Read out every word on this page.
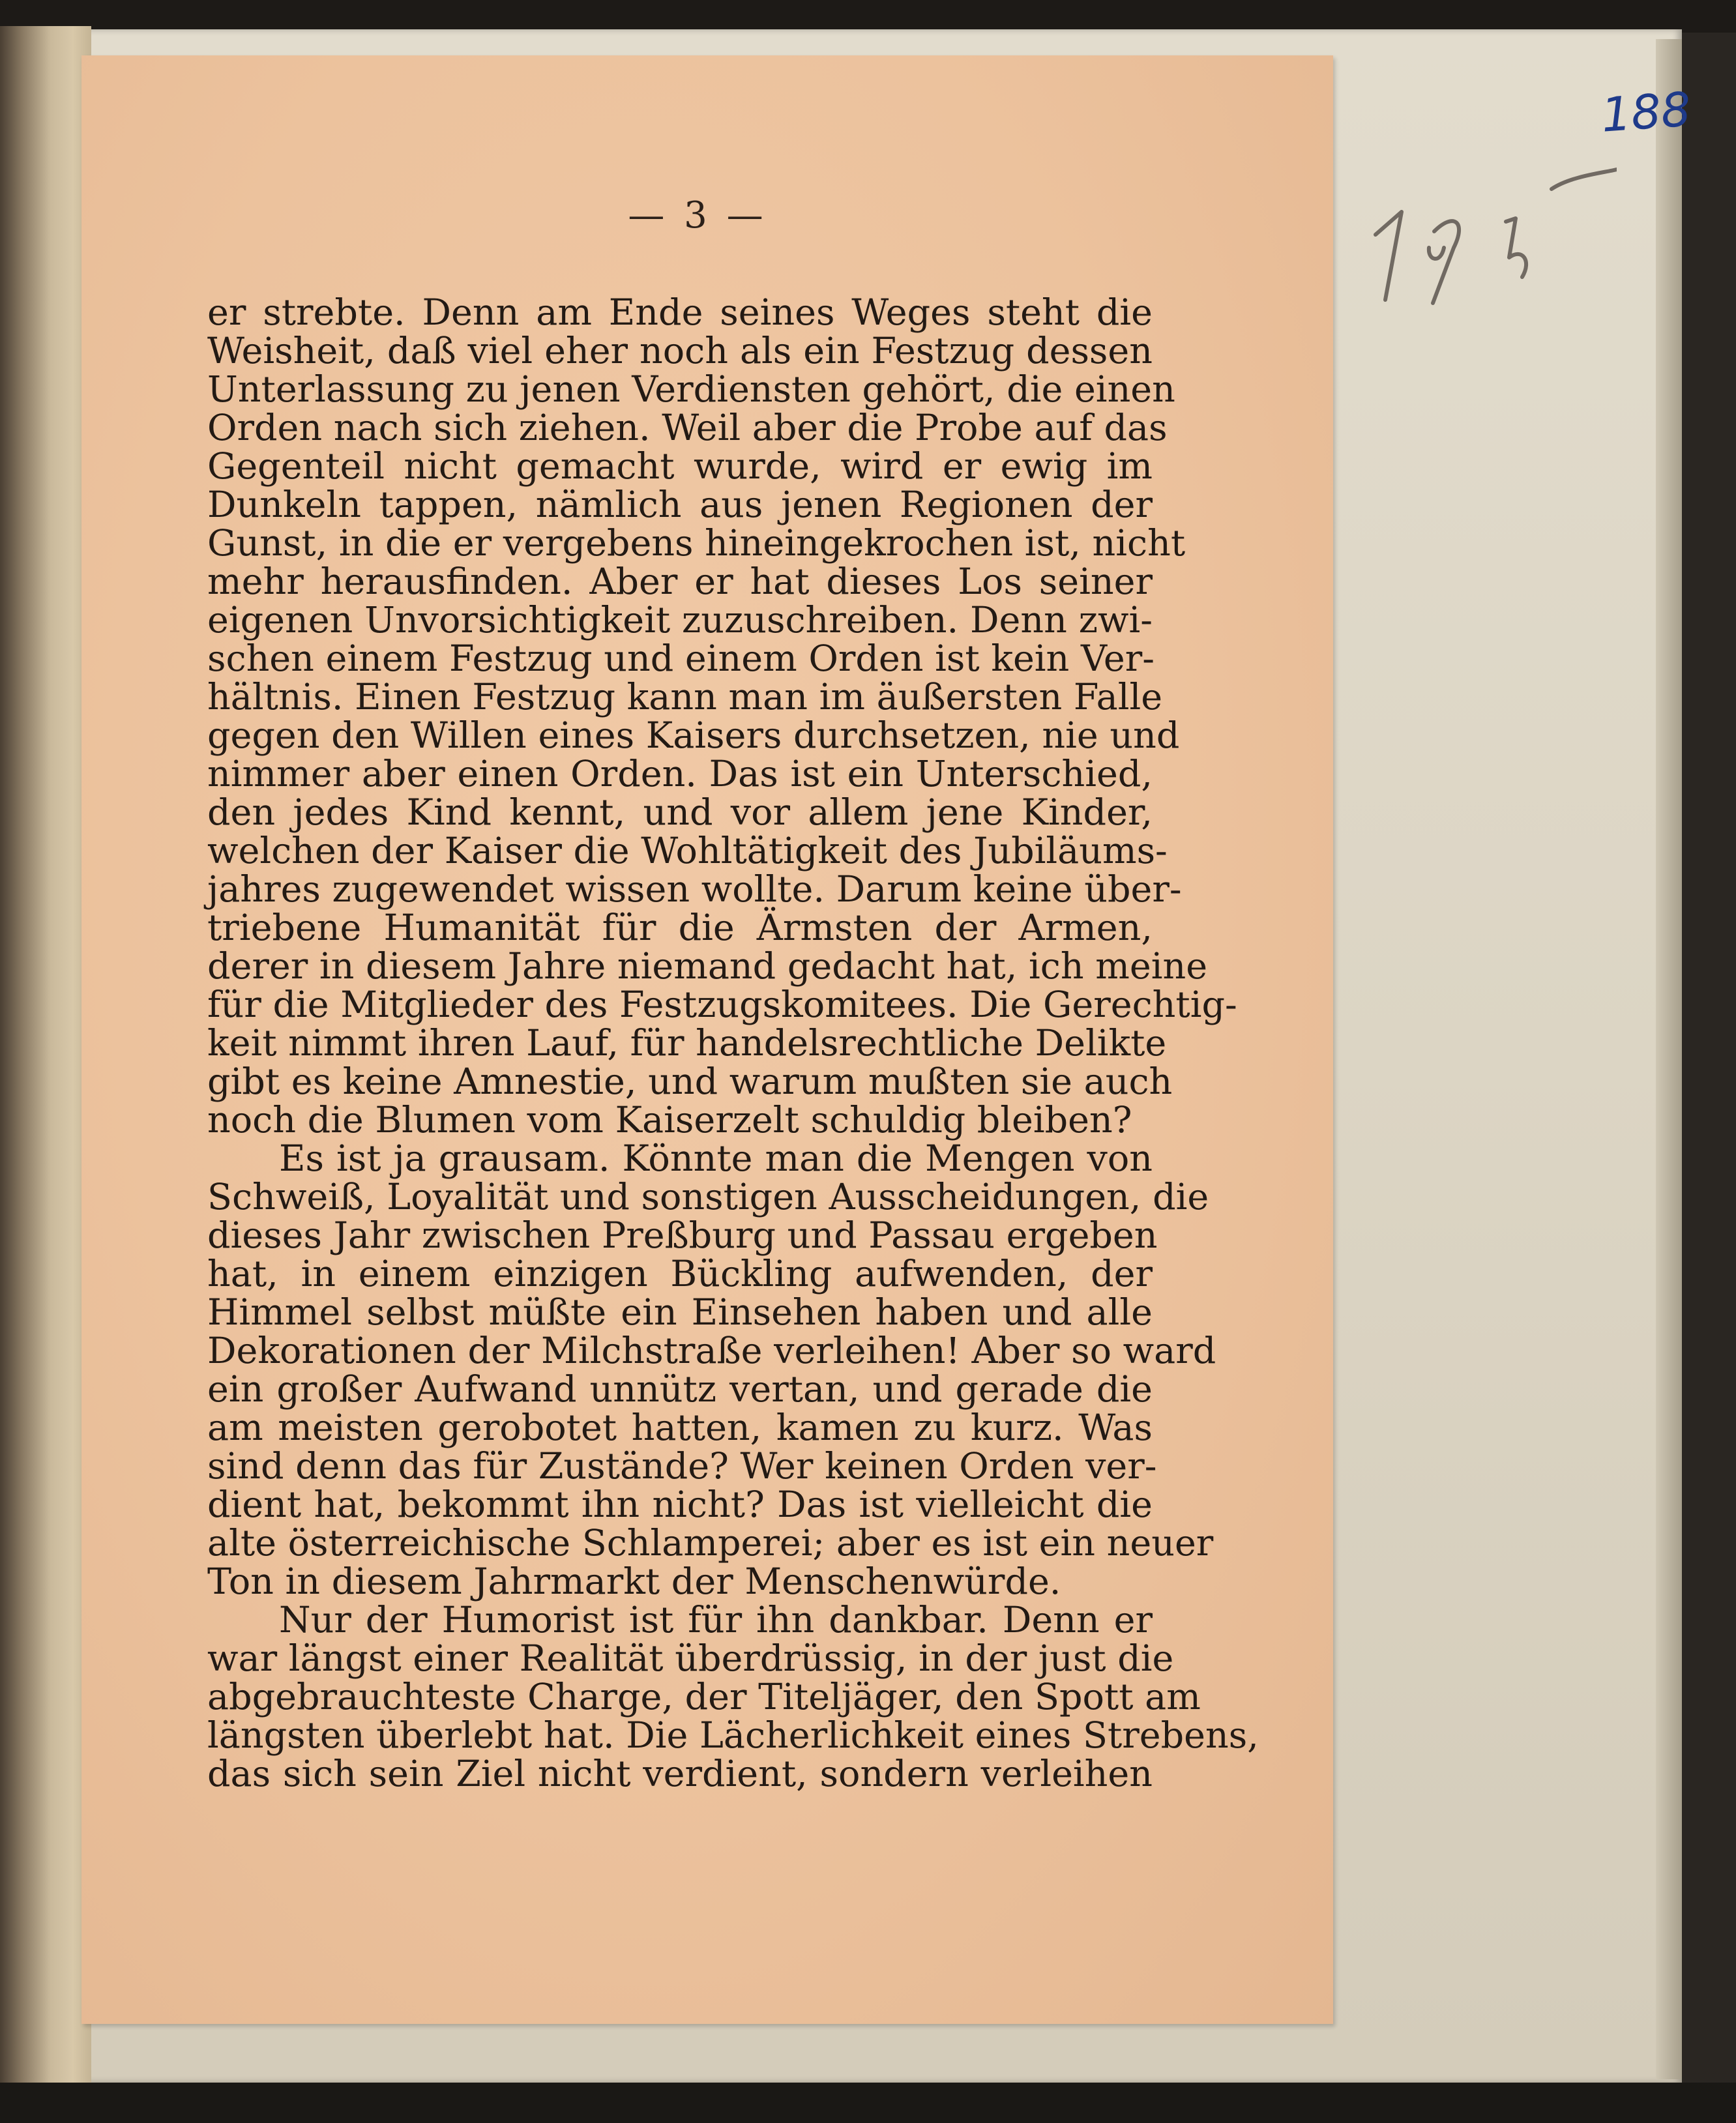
— 3 —
er strebte. Denn am Ende seines Weges steht die
Weisheit, daß viel eher noch als ein Festzug dessen
Unterlassung zu jenen Verdiensten gehört, die einen
Orden nach sich ziehen. Weil aber die Probe auf das
Gegenteil nicht gemacht wurde, wird er ewig im
Dunkeln tappen, nämlich aus jenen Regionen der
Gunst, in die er vergebens hineingekrochen ist, nicht
mehr herausfinden. Aber er hat dieses Los seiner
eigenen Unvorsichtigkeit zuzuschreiben. Denn zwi-
schen einem Festzug und einem Orden ist kein Ver-
hältnis. Einen Festzug kann man im äußersten Falle
gegen den Willen eines Kaisers durchsetzen, nie und
nimmer aber einen Orden. Das ist ein Unterschied,
den jedes Kind kennt, und vor allem jene Kinder,
welchen der Kaiser die Wohltätigkeit des Jubiläums-
jahres zugewendet wissen wollte. Darum keine über-
triebene Humanität für die Ärmsten der Armen,
derer in diesem Jahre niemand gedacht hat, ich meine
für die Mitglieder des Festzugskomitees. Die Gerechtig-
keit nimmt ihren Lauf, für handelsrechtliche Delikte
gibt es keine Amnestie, und warum mußten sie auch
noch die Blumen vom Kaiserzelt schuldig bleiben?
Es ist ja grausam. Könnte man die Mengen von
Schweiß, Loyalität und sonstigen Ausscheidungen, die
dieses Jahr zwischen Preßburg und Passau ergeben
hat, in einem einzigen Bückling aufwenden, der
Himmel selbst müßte ein Einsehen haben und alle
Dekorationen der Milchstraße verleihen! Aber so ward
ein großer Aufwand unnütz vertan, und gerade die
am meisten gerobotet hatten, kamen zu kurz. Was
sind denn das für Zustände? Wer keinen Orden ver-
dient hat, bekommt ihn nicht? Das ist vielleicht die
alte österreichische Schlamperei; aber es ist ein neuer
Ton in diesem Jahrmarkt der Menschenwürde.
Nur der Humorist ist für ihn dankbar. Denn er
war längst einer Realität überdrüssig, in der just die
abgebrauchteste Charge, der Titeljäger, den Spott am
längsten überlebt hat. Die Lächerlichkeit eines Strebens,
das sich sein Ziel nicht verdient, sondern verleihen
188
